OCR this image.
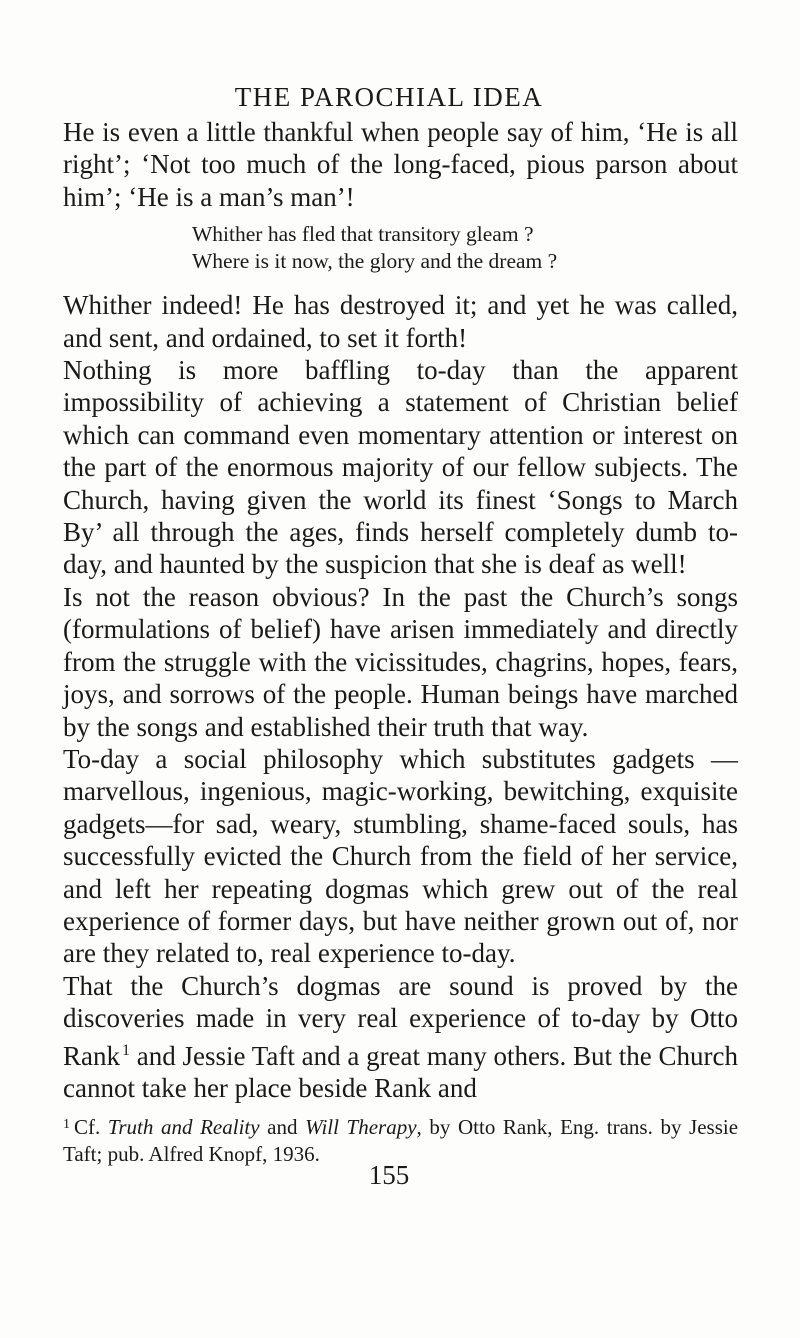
THE PAROCHIAL IDEA

He is even a little thankful when people say of him, ‘He is all right’; ‘Not too much of the long-faced, pious parson about him’; ‘He is a man’s man’!

Whither has fled that transitory gleam ?
Where is it now, the glory and the dream ?

Whither indeed! He has destroyed it; and yet he was called, and sent, and ordained, to set it forth!

Nothing is more baffling to-day than the apparent impossibility of achieving a statement of Christian belief which can command even momentary attention or interest on the part of the enormous majority of our fellow subjects. The Church, having given the world its finest ‘Songs to March By’ all through the ages, finds herself completely dumb to-day, and haunted by the suspicion that she is deaf as well!

Is not the reason obvious? In the past the Church’s songs (formulations of belief) have arisen immediately and directly from the struggle with the vicissitudes, chagrins, hopes, fears, joys, and sorrows of the people. Human beings have marched by the songs and established their truth that way.

To-day a social philosophy which substitutes gadgets —marvellous, ingenious, magic-working, bewitching, exquisite gadgets—for sad, weary, stumbling, shame-faced souls, has successfully evicted the Church from the field of her service, and left her repeating dogmas which grew out of the real experience of former days, but have neither grown out of, nor are they related to, real experience to-day.

That the Church’s dogmas are sound is proved by the discoveries made in very real experience of to-day by Otto Rank $^1$ and Jessie Taft and a great many others. But the Church cannot take her place beside Rank and

$^1$ Cf. Truth and Reality and Will Therapy, by Otto Rank, Eng. trans. by Jessie Taft; pub. Alfred Knopf, 1936.
155
